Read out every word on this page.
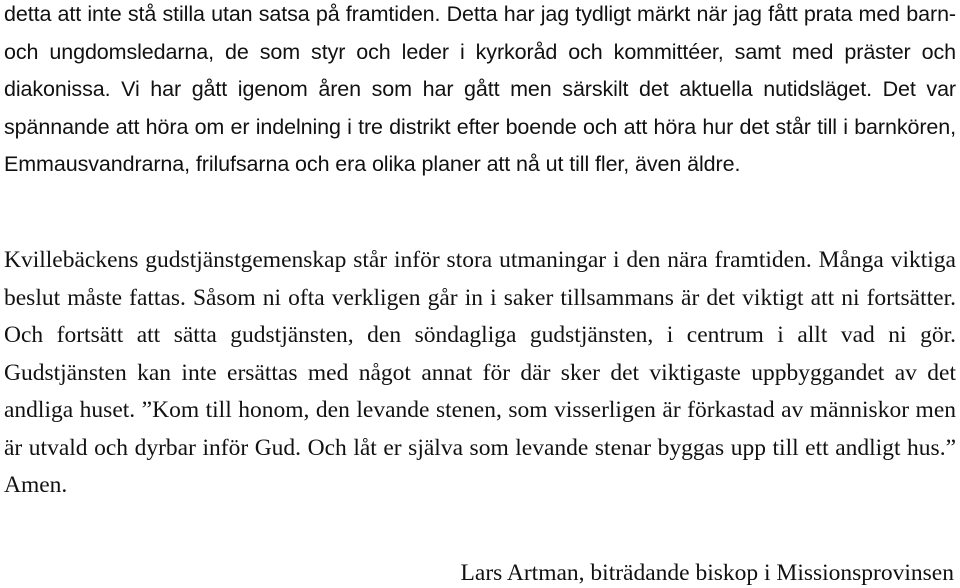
detta att inte stå stilla utan satsa på framtiden. Detta har jag tydligt märkt när jag fått prata med barn- och ungdomsledarna, de som styr och leder i kyrkoråd och kommittéer, samt med präster och diakonissa. Vi har gått igenom åren som har gått men särskilt det aktuella nutidsläget. Det var spännande att höra om er indelning i tre distrikt efter boende och att höra hur det står till i barnkören, Emmausvandrarna, frilufsarna och era olika planer att nå ut till fler, även äldre.

Kvillebäckens gudstjänstgemenskap står inför stora utmaningar i den nära framtiden. Många viktiga beslut måste fattas. Såsom ni ofta verkligen går in i saker tillsammans är det viktigt att ni fortsätter. Och fortsätt att sätta gudstjänsten, den söndagliga gudstjänsten, i centrum i allt vad ni gör. Gudstjänsten kan inte ersättas med något annat för där sker det viktigaste uppbyggandet av det andliga huset. ”Kom till honom, den levande stenen, som visserligen är förkastad av människor men är utvald och dyrbar inför Gud. Och låt er själva som levande stenar byggas upp till ett andligt hus.” Amen.

Lars Artman, biträdande biskop i Missionsprovinsen
